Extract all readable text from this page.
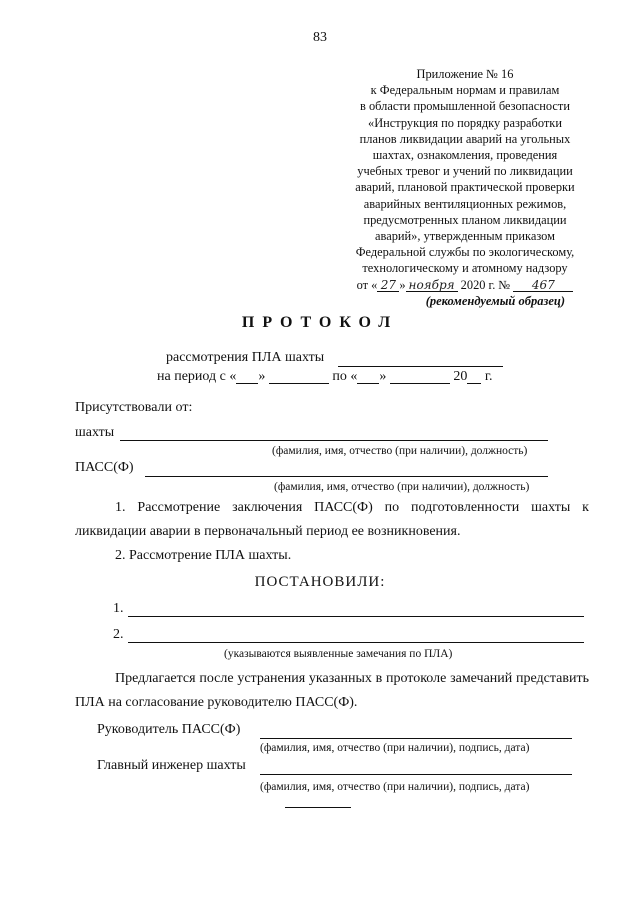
83
Приложение № 16
к Федеральным нормам и правилам
в области промышленной безопасности
«Инструкция по порядку разработки
планов ликвидации аварий на угольных
шахтах, ознакомления, проведения
учебных тревог и учений по ликвидации
аварий, плановой практической проверки
аварийных вентиляционных режимов,
предусмотренных планом ликвидации
аварий», утвержденным приказом
Федеральной службы по экологическому,
технологическому и атомному надзору
от « 27 » ноября 2020 г. № 467
(рекомендуемый образец)
ПРОТОКОЛ
рассмотрения ПЛА шахты
на период с « »	по « »	20 г.
Присутствовали от:
шахты
(фамилия, имя, отчество (при наличии), должность)
ПАСС(Ф)
(фамилия, имя, отчество (при наличии), должность)
1. Рассмотрение заключения ПАСС(Ф) по подготовленности шахты к ликвидации аварии в первоначальный период ее возникновения.
2. Рассмотрение ПЛА шахты.
ПОСТАНОВИЛИ:
1.
2.
(указываются выявленные замечания по ПЛА)
Предлагается после устранения указанных в протоколе замечаний представить ПЛА на согласование руководителю ПАСС(Ф).
Руководитель ПАСС(Ф)
(фамилия, имя, отчество (при наличии), подпись, дата)
Главный инженер шахты
(фамилия, имя, отчество (при наличии), подпись, дата)
